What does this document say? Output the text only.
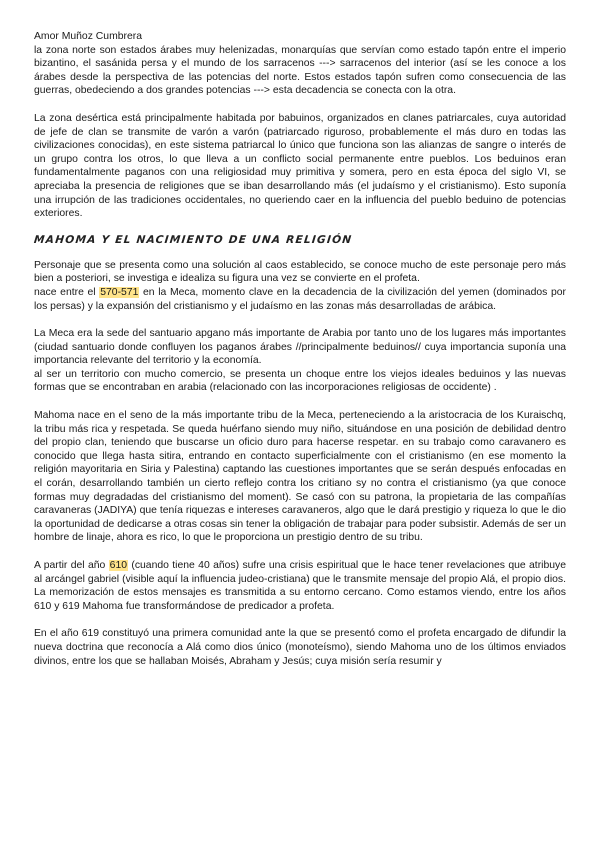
Amor Muñoz Cumbrera

la zona norte son estados árabes muy helenizadas, monarquías que servían como estado tapón entre el imperio bizantino, el sasánida persa y el mundo de los sarracenos ---> sarracenos del interior (así se les conoce a los árabes desde la perspectiva de las potencias del norte. Estos estados tapón sufren como consecuencia de las guerras, obedeciendo a dos grandes potencias ---> esta decadencia se conecta con la otra.

La zona desértica está principalmente habitada por babuinos, organizados en clanes patriarcales, cuya autoridad de jefe de clan se transmite de varón a varón (patriarcado riguroso, probablemente el más duro en todas las civilizaciones conocidas), en este sistema patriarcal lo único que funciona son las alianzas de sangre o interés de un grupo contra los otros, lo que lleva a un conflicto social permanente entre pueblos. Los beduinos eran fundamentalmente paganos con una religiosidad muy primitiva y somera, pero en esta época del siglo VI, se apreciaba la presencia de religiones que se iban desarrollando más (el judaísmo y el cristianismo). Esto suponía una irrupción de las tradiciones occidentales, no queriendo caer en la influencia del pueblo beduino de potencias exteriores.

MAHOMA Y EL NACIMIENTO DE UNA RELIGIÓN

Personaje que se presenta como una solución al caos establecido, se conoce mucho de este personaje pero más bien a posteriori, se investiga e idealiza su figura una vez se convierte en el profeta.

nace entre el 570-571 en la Meca, momento clave en la decadencia de la civilización del yemen (dominados por los persas) y la expansión del cristianismo y el judaísmo en las zonas más desarrolladas de arábica.

La Meca era la sede del santuario apgano más importante de Arabia por tanto uno de los lugares más importantes (ciudad santuario donde confluyen los paganos árabes //principalmente beduinos// cuya importancia suponía una importancia relevante del territorio y la economía.

al ser un territorio con mucho comercio, se presenta un choque entre los viejos ideales beduinos y las nuevas formas que se encontraban en arabia (relacionado con las incorporaciones religiosas de occidente) .

Mahoma nace en el seno de la más importante tribu de la Meca, perteneciendo a la aristocracia de los Kuraischq, la tribu más rica y respetada. Se queda huérfano siendo muy niño, situándose en una posición de debilidad dentro del propio clan, teniendo que buscarse un oficio duro para hacerse respetar. en su trabajo como caravanero es conocido que llega hasta sitira, entrando en contacto superficialmente con el cristianismo (en ese momento la religión mayoritaria en Siria y Palestina) captando las cuestiones importantes que se serán después enfocadas en el corán, desarrollando también un cierto reflejo contra los critiano sy no contra el cristianismo (ya que conoce formas muy degradadas del cristianismo del moment). Se casó con su patrona, la propietaria de las compañías caravaneras (JADIYA) que tenía riquezas e intereses caravaneros, algo que le dará prestigio y riqueza lo que le dio la oportunidad de dedicarse a otras cosas sin tener la obligación de trabajar para poder subsistir. Además de ser un hombre de linaje, ahora es rico, lo que le proporciona un prestigio dentro de su tribu.

A partir del año 610 (cuando tiene 40 años) sufre una crisis espiritual que le hace tener revelaciones que atribuye al arcángel gabriel (visible aquí la influencia judeo-cristiana) que le transmite mensaje del propio Alá, el propio dios. La memorización de estos mensajes es transmitida a su entorno cercano. Como estamos viendo, entre los años 610 y 619 Mahoma fue transformándose de predicador a profeta.

En el año 619 constituyó una primera comunidad ante la que se presentó como el profeta encargado de difundir la nueva doctrina que reconocía a Alá como dios único (monoteísmo), siendo Mahoma uno de los últimos enviados divinos, entre los que se hallaban Moisés, Abraham y Jesús; cuya misión sería resumir y
